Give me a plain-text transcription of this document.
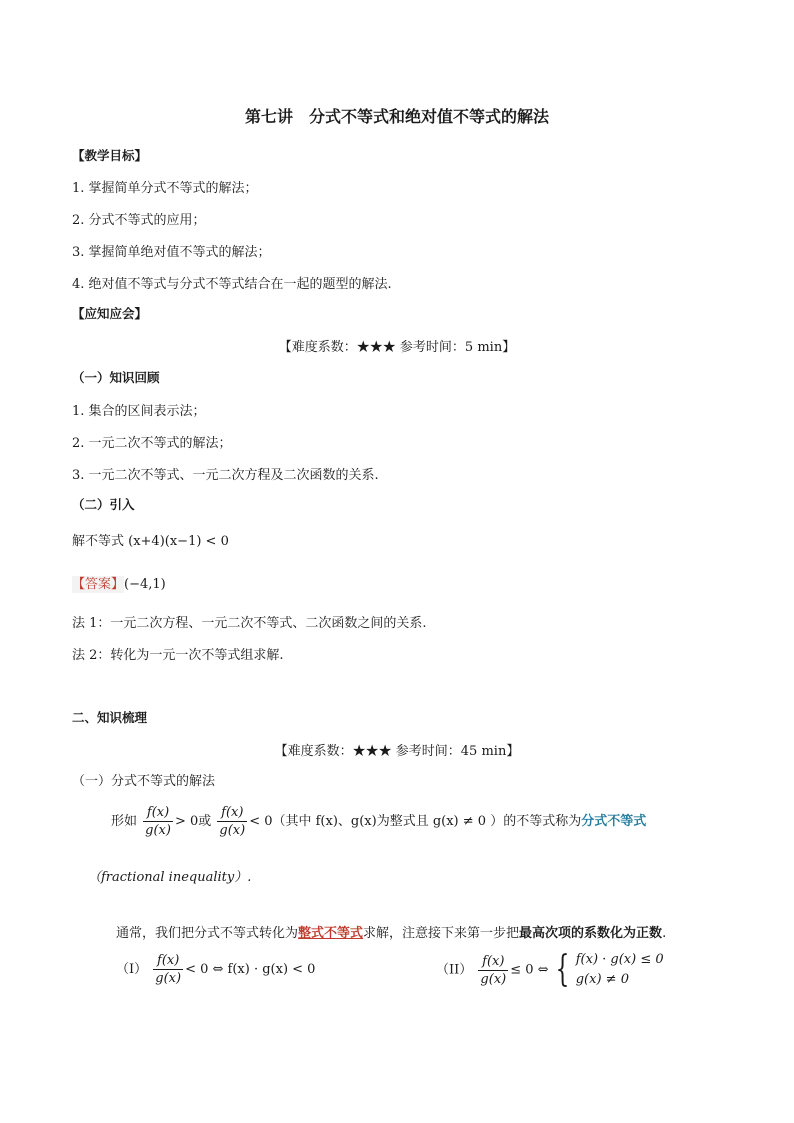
第七讲　分式不等式和绝对值不等式的解法
【教学目标】
1. 掌握简单分式不等式的解法；
2. 分式不等式的应用；
3. 掌握简单绝对值不等式的解法；
4. 绝对值不等式与分式不等式结合在一起的题型的解法.
【应知应会】
【难度系数：★★★ 参考时间：5 min】
（一）知识回顾
1. 集合的区间表示法；
2. 一元二次不等式的解法；
3. 一元二次不等式、一元二次方程及二次函数的关系.
（二）引入
解不等式 (x+4)(x−1) < 0
【答案】(−4,1)
法 1：一元二次方程、一元二次不等式、二次函数之间的关系.
法 2：转化为一元一次不等式组求解.
二、知识梳理
【难度系数：★★★ 参考时间：45 min】
（一）分式不等式的解法
形如 $\frac{f(x)}{g(x)} > 0$或 $\frac{f(x)}{g(x)} < 0$（其中 f(x)、g(x)为整式且 g(x) ≠ 0 ）的不等式称为分式不等式
（fractional inequality）.
通常，我们把分式不等式转化为整式不等式求解，注意接下来第一步把最高次项的系数化为正数.
$(I) \frac{f(x)}{g(x)} < 0$ ⇔ f(x) · g(x) < 0	$(II) \frac{f(x)}{g(x)} \le 0$ ⇔ { f(x) · g(x) ≤ 0
g(x) ≠ 0
